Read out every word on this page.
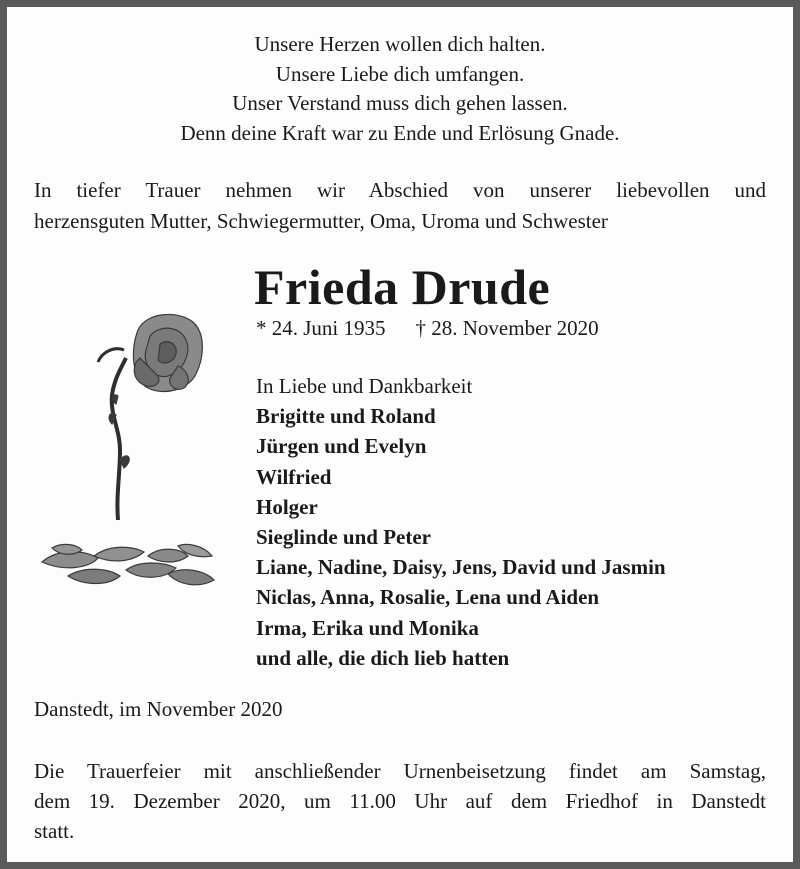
Unsere Herzen wollen dich halten.
Unsere Liebe dich umfangen.
Unser Verstand muss dich gehen lassen.
Denn deine Kraft war zu Ende und Erlösung Gnade.
In tiefer Trauer nehmen wir Abschied von unserer liebevollen und
herzensguten Mutter, Schwiegermutter, Oma, Uroma und Schwester
Frieda Drude
* 24. Juni 1935 † 28. November 2020
In Liebe und Dankbarkeit
Brigitte und Roland
Jürgen und Evelyn
Wilfried
Holger
Sieglinde und Peter
Liane, Nadine, Daisy, Jens, David und Jasmin
Niclas, Anna, Rosalie, Lena und Aiden
Irma, Erika und Monika
und alle, die dich lieb hatten
Danstedt, im November 2020
Die Trauerfeier mit anschließender Urnenbeisetzung findet am Samstag,
dem 19. Dezember 2020, um 11.00 Uhr auf dem Friedhof in Danstedt
statt.
